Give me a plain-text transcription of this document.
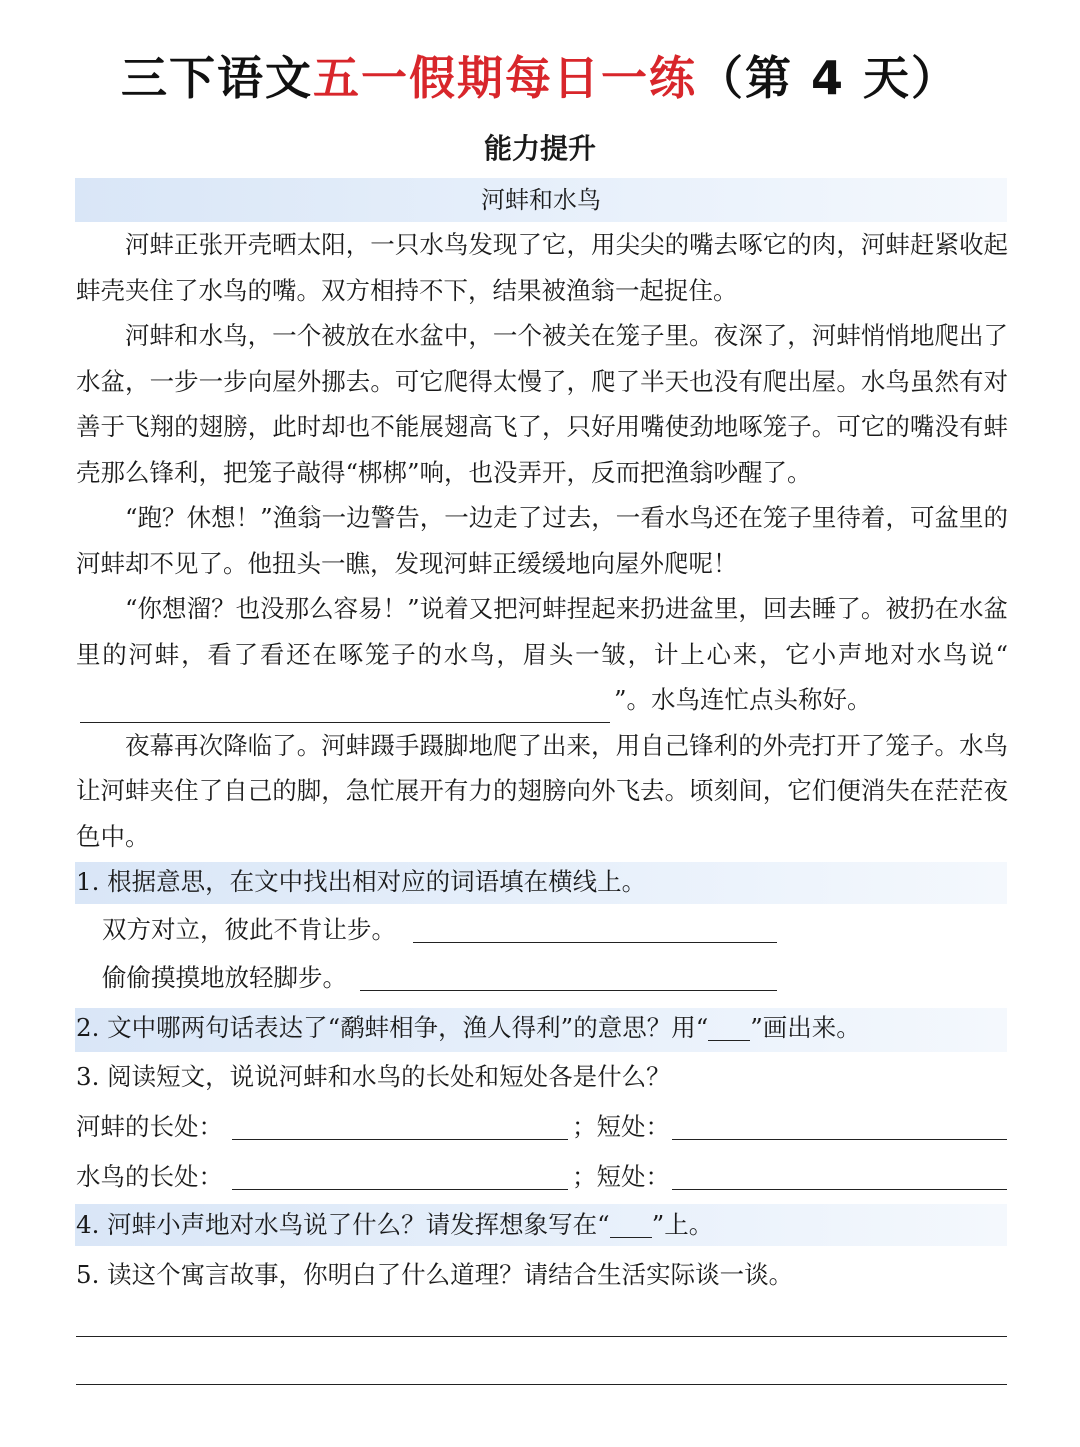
三下语文五一假期每日一练（第 4 天）
能力提升
河蚌和水鸟

河蚌正张开壳晒太阳，一只水鸟发现了它，用尖尖的嘴去啄它的肉，河蚌赶紧收起蚌壳夹住了水鸟的嘴。双方相持不下，结果被渔翁一起捉住。

河蚌和水鸟，一个被放在水盆中，一个被关在笼子里。夜深了，河蚌悄悄地爬出了水盆，一步一步向屋外挪去。可它爬得太慢了，爬了半天也没有爬出屋。水鸟虽然有对善于飞翔的翅膀，此时却也不能展翅高飞了，只好用嘴使劲地啄笼子。可它的嘴没有蚌壳那么锋利，把笼子敲得“梆梆”响，也没弄开，反而把渔翁吵醒了。

“跑？休想！”渔翁一边警告，一边走了过去，一看水鸟还在笼子里待着，可盆里的河蚌却不见了。他扭头一瞧，发现河蚌正缓缓地向屋外爬呢！

“你想溜？也没那么容易！”说着又把河蚌捏起来扔进盆里，回去睡了。被扔在水盆里的河蚌，看了看还在啄笼子的水鸟，眉头一皱，计上心来，它小声地对水鸟说“”。水鸟连忙点头称好。

夜幕再次降临了。河蚌蹑手蹑脚地爬了出来，用自己锋利的外壳打开了笼子。水鸟让河蚌夹住了自己的脚，急忙展开有力的翅膀向外飞去。顷刻间，它们便消失在茫茫夜色中。

1. 根据意思，在文中找出相对应的词语填在横线上。
双方对立，彼此不肯让步。
偷偷摸摸地放轻脚步。
2. 文中哪两句话表达了“鹬蚌相争，渔人得利”的意思？用“ ”画出来。
3. 阅读短文，说说河蚌和水鸟的长处和短处各是什么？
河蚌的长处：	；短处：
水鸟的长处：	；短处：
4. 河蚌小声地对水鸟说了什么？请发挥想象写在“ ”上。
5. 读这个寓言故事，你明白了什么道理？请结合生活实际谈一谈。
